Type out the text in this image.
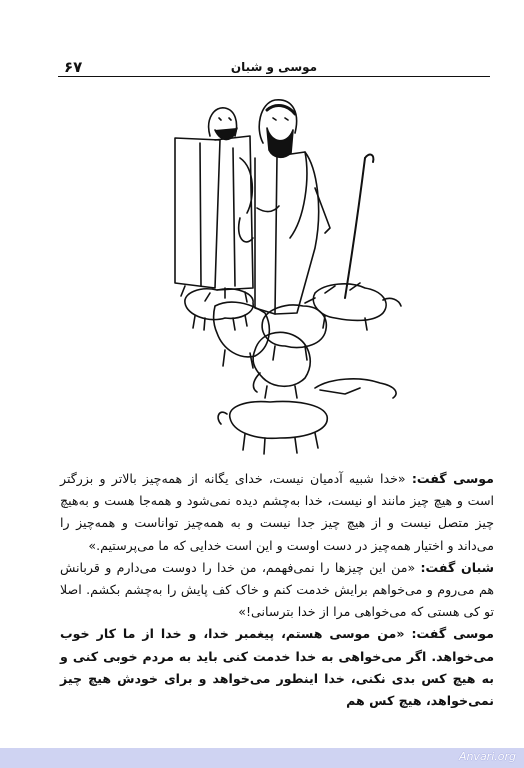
۶۷	موسی و شبان

موسی گفت: «خدا شبیه آدمیان نیست، خدای یگانه از همه‌چیز بالاتر و بزرگتر است و هیچ چیز مانند او نیست، خدا به‌چشم دیده نمی‌شود و همه‌جا هست و به‌هیچ چیز متصل نیست و از هیچ چیز جدا نیست و به همه‌چیز تواناست و همه‌چیز را می‌داند و اختیار همه‌چیز در دست اوست و این است خدایی که ما می‌پرستیم.»

شبان گفت: «من این چیزها را نمی‌فهمم، من خدا را دوست می‌دارم و قربانش هم می‌روم و می‌خواهم برایش خدمت کنم و خاک کف پایش را به‌چشم بکشم. اصلا تو کی هستی که می‌خواهی مرا از خدا بترسانی!»

موسی گفت: «من موسی هستم، پیغمبر خدا، و خدا از ما کار خوب می‌خواهد. اگر می‌خواهی به خدا خدمت کنی باید به مردم خوبی کنی و به هیچ کس بدی نکنی، خدا اینطور می‌خواهد و برای خودش هیچ چیز نمی‌خواهد، هیچ کس هم

Anvari.org
